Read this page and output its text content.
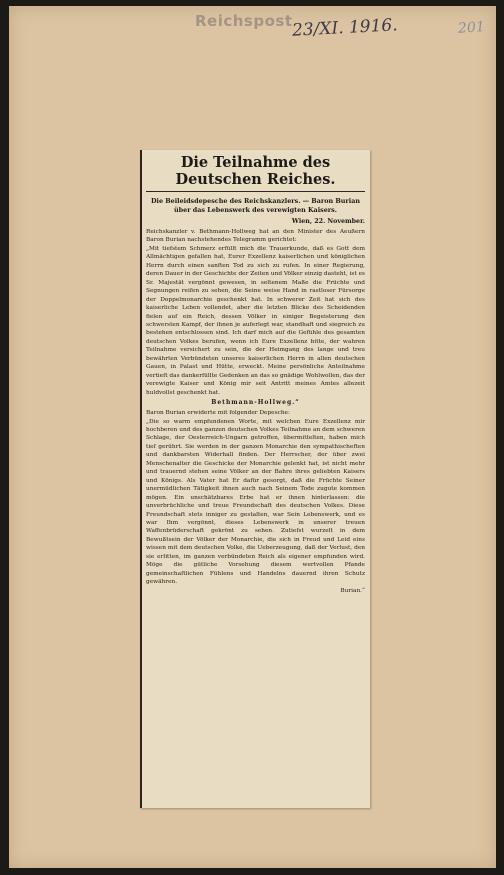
Reichspost 23/XI. 1916.	201
Die Teilnahme des Deutschen Reiches.

Die Beileidsdepesche des Reichskanzlers. — Baron Burian über das Lebenswerk des verewigten Kaisers.

Wien, 22. November.

Reichskanzler v. Bethmann-Hollweg hat an den Minister des Aeußern Baron Burian nachstehendes Telegramm gerichtet:

„Mit tiefstem Schmerz erfüllt mich die Trauerkunde, daß es Gott dem Allmächtigen gefallen hat, Eurer Exzellenz kaiserlichen und königlichen Herrn durch einen sanften Tod zu sich zu rufen. In einer Regierung, deren Dauer in der Geschichte der Zeiten und Völker einzig dasteht, ist es Sr. Majestät vergönnt gewesen, in seltenem Maße die Früchte und Segnungen reifen zu sehen, die Seine weise Hand in rastloser Fürsorge der Doppelmonarchie geschenkt hat. In schwerer Zeit hat sich des kaiserliche Leben vollendet, aber die letzten Blicke des Scheidenden fielen auf ein Reich, dessen Völker in einiger Begeisterung den schwersten Kampf, der ihnen je auferlegt war, standhaft und siegreich zu bestehen entschlossen sind. Ich darf mich auf die Gefühle des gesamten deutschen Volkes berufen, wenn ich Eure Exzellenz bitte, der wahren Teilnahme versichert zu sein, die der Heimgang des lange und treu bewährten Verbündeten unseres kaiserlichen Herrn in allen deutschen Gauen, in Palast und Hütte, erweckt. Meine persönliche Anteilnahme vertieft das dankerfüllte Gedenken an das so gnädige Wohlwollen, das der verewigte Kaiser und König mir seit Antritt meines Amtes allezeit huldvollst geschenkt hat.

Bethmann-Hollweg.“

Baron Burian erwiderte mit folgender Depesche:

„Die so warm empfundenen Worte, mit welchen Eure Exzellenz mir hochberen und des ganzen deutschen Volkes Teilnahme an dem schweren Schlage, der Oesterreich-Ungarn getroffen, übermittelten, haben mich tief gerührt. Sie werden in der ganzen Monarchie den sympathischeften und dankbarsten Widerhall finden. Der Herrscher, der über zwei Menschenalter die Geschicke der Monarchie gelenkt hat, ist nicht mehr und trauernd stehen seine Völker an der Bahre ihres geliebten Kaisers und Königs. Als Vater hat Er dafür gesorgt, daß die Früchte Seiner unermüdlichen Tätigkeit ihnen auch nach Seinem Tode zugute kommen mögen. Ein unschätzbares Erbe hat er ihnen hinterlassen: die unverbrüchliche und treue Freundschaft des deutschen Volkes. Diese Freundschaft stets inniger zu gestalten, war Sein Lebenswerk, und es war Ihm vergönnt, dieses Lebenswerk in unserer treuen Waffenbrüderschaft gekrönt zu sehen. Zutiefst wurzelt in dem Bewußtsein der Völker der Monarchie, die sich in Freud und Leid eins wissen mit dem deutschen Volke, die Ueberzeugung, daß der Verlust, den sie erlitten, im ganzen verbündeten Reich als eigener empfunden wird. Möge die gütliche Vorsehung diesem wertvollen Pfande gemeinschaftlichen Fühlens und Handelns dauernd ihren Schutz gewähren.

Burian.“
